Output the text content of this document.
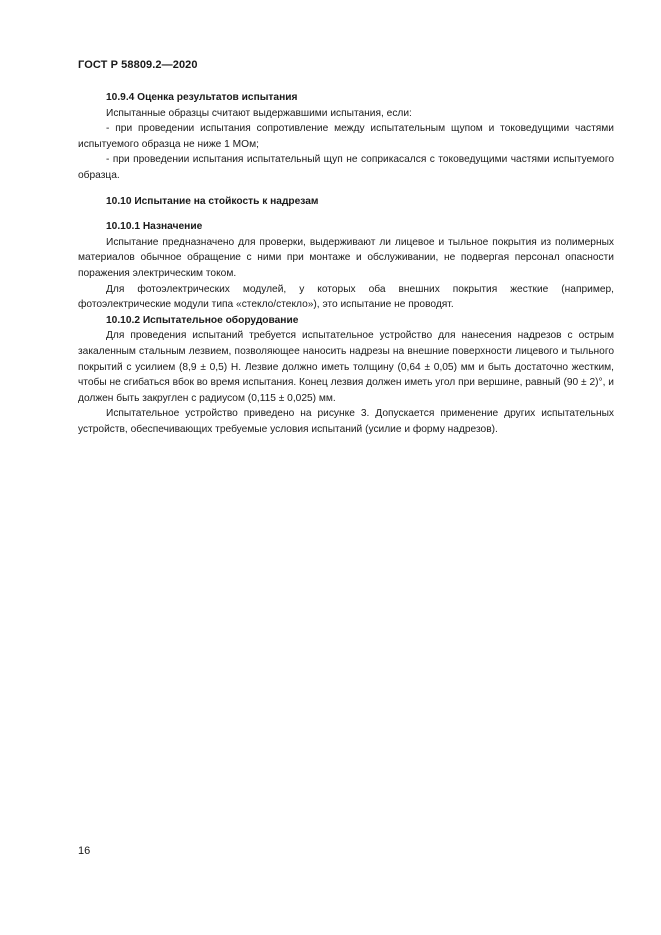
ГОСТ Р 58809.2—2020
10.9.4 Оценка результатов испытания

Испытанные образцы считают выдержавшими испытания, если:

- при проведении испытания сопротивление между испытательным щупом и токоведущими частями испытуемого образца не ниже 1 МОм;

- при проведении испытания испытательный щуп не соприкасался с токоведущими частями испытуемого образца.

10.10 Испытание на стойкость к надрезам
10.10.1 Назначение

Испытание предназначено для проверки, выдерживают ли лицевое и тыльное покрытия из полимерных материалов обычное обращение с ними при монтаже и обслуживании, не подвергая персонал опасности поражения электрическим током.

Для фотоэлектрических модулей, у которых оба внешних покрытия жесткие (например, фотоэлектрические модули типа «стекло/стекло»), это испытание не проводят.

10.10.2 Испытательное оборудование

Для проведения испытаний требуется испытательное устройство для нанесения надрезов с острым закаленным стальным лезвием, позволяющее наносить надрезы на внешние поверхности лицевого и тыльного покрытий с усилием (8,9 ± 0,5) Н. Лезвие должно иметь толщину (0,64 ± 0,05) мм и быть достаточно жестким, чтобы не сгибаться вбок во время испытания. Конец лезвия должен иметь угол при вершине, равный (90 ± 2)°, и должен быть закруглен с радиусом (0,115 ± 0,025) мм.

Испытательное устройство приведено на рисунке 3. Допускается применение других испытательных устройств, обеспечивающих требуемые условия испытаний (усилие и форму надрезов).

16
